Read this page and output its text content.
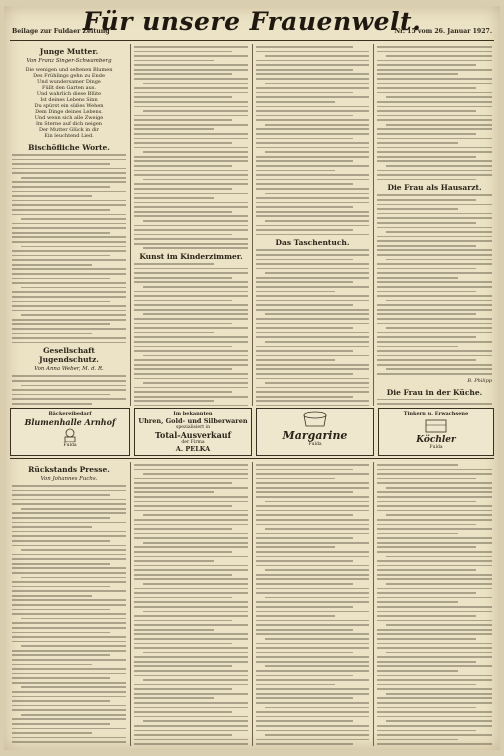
Beilage zur Fuldaer Zeitung
Für unsere Frauenwelt.
Nr. 15 vom 26. Januar 1927.
Junge Mutter.
Von Franz Singer-Schwamberg
Die wenigen und seltenen Blumen
Des Frühlings gehn zu Ende
Und wundersamer Dinge
Füllt den Garten aus.
Und wahrlich diese Blüte
Ist deines Lebens Sinn
Du spürst ein süßes Wehen
Dem Dinge deines Lebens.
Und wenn sich alle Zweige
Im Sterne auf dich neigen
Der Mutter Glück in dir
Ein leuchtend Lied.
Bischöfliche Worte.
Gesellschaft Jugendschutz.
Von Anna Weber, M. d. R.
Kunst im Kinderzimmer.
Das Taschentuch.
Die Frau als Hausarzt.
B. Philipp
Die Frau in der Küche.
Bäckereibedarf
Blumenhalle Arnhof
Fulda
Im bekannten
Uhren, Gold- und Silberwaren
spezialisiert in
Total-Ausverkauf
der Firma
A. PELKA
Margarine
Fulda
Tinkern u. Erwachsene
Köchler
Fulda
Rückstands Presse.
Von Johannes Fuchs.
